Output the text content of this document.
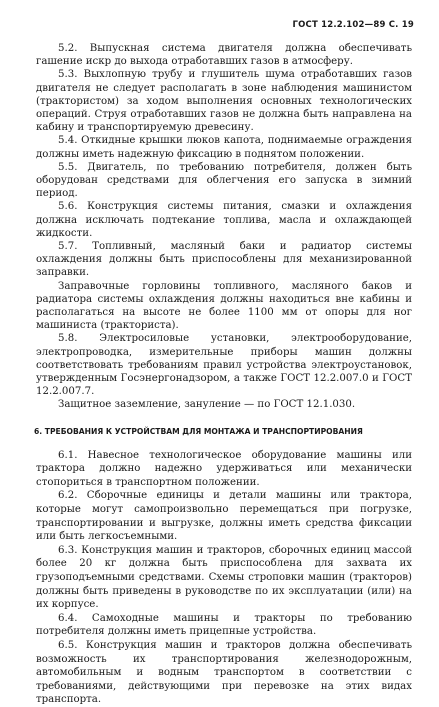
ГОСТ 12.2.102—89 С. 19

5.2. Выпускная система двигателя должна обеспечивать гашение искр до выхода отработавших газов в атмосферу.

5.3. Выхлопную трубу и глушитель шума отработавших газов двигателя не следует располагать в зоне наблюдения машинистом (трактористом) за ходом выполнения основных технологических операций. Струя отработавших газов не должна быть направлена на кабину и транспортируемую древесину.

5.4. Откидные крышки люков капота, поднимаемые ограждения должны иметь надежную фиксацию в поднятом положении.

5.5. Двигатель, по требованию потребителя, должен быть оборудован средствами для облегчения его запуска в зимний период.

5.6. Конструкция системы питания, смазки и охлаждения должна исключать подтекание топлива, масла и охлаждающей жидкости.

5.7. Топливный, масляный баки и радиатор системы охлаждения должны быть приспособлены для механизированной заправки.

Заправочные горловины топливного, масляного баков и радиатора системы охлаждения должны находиться вне кабины и располагаться на высоте не более 1100 мм от опоры для ног машиниста (тракториста).

5.8. Электросиловые установки, электрооборудование, электропроводка, измерительные приборы машин должны соответствовать требованиям правил устройства электроустановок, утвержденным Госэнергонадзором, а также ГОСТ 12.2.007.0 и ГОСТ 12.2.007.7.

Защитное заземление, зануление — по ГОСТ 12.1.030.

6. ТРЕБОВАНИЯ К УСТРОЙСТВАМ ДЛЯ МОНТАЖА И ТРАНСПОРТИРОВАНИЯ

6.1. Навесное технологическое оборудование машины или трактора должно надежно удерживаться или механически стопориться в транспортном положении.

6.2. Сборочные единицы и детали машины или трактора, которые могут самопроизвольно перемещаться при погрузке, транспортировании и выгрузке, должны иметь средства фиксации или быть легкосъемными.

6.3. Конструкция машин и тракторов, сборочных единиц массой более 20 кг должна быть приспособлена для захвата их грузоподъемными средствами. Схемы строповки машин (тракторов) должны быть приведены в руководстве по их эксплуатации (или) на их корпусе.

6.4. Самоходные машины и тракторы по требованию потребителя должны иметь прицепные устройства.

6.5. Конструкция машин и тракторов должна обеспечивать возможность их транспортирования железнодорожным, автомобильным и водным транспортом в соответствии с требованиями, действующими при перевозке на этих видах транспорта.
